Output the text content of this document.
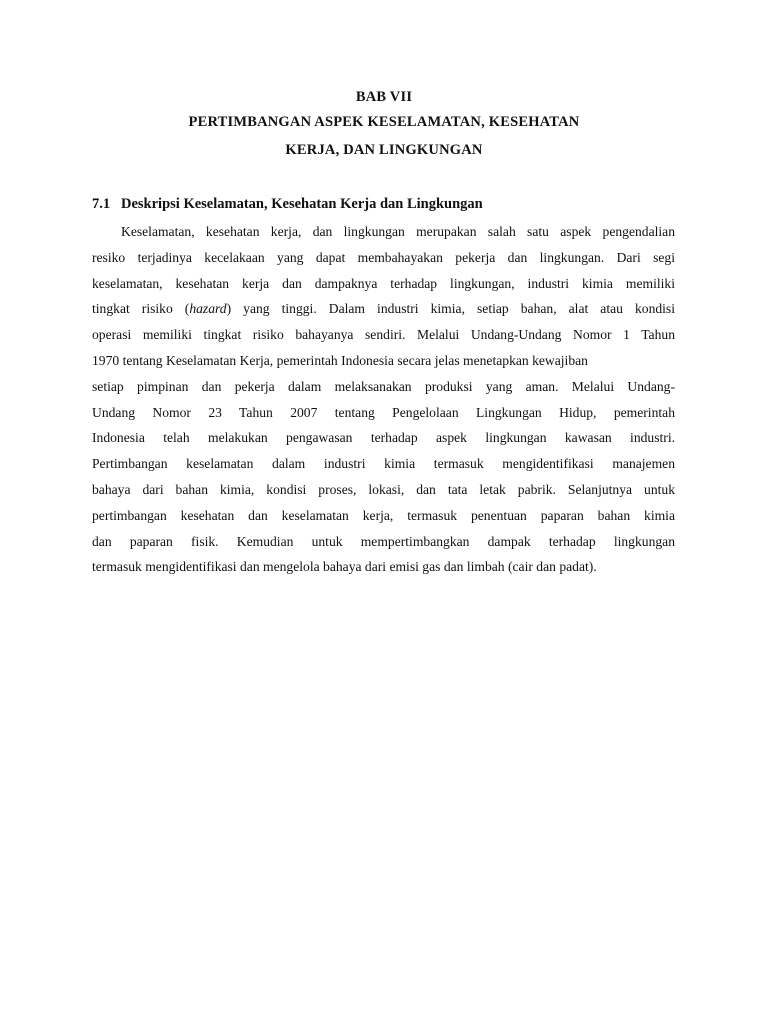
BAB VII
PERTIMBANGAN ASPEK KESELAMATAN, KESEHATAN
KERJA, DAN LINGKUNGAN
7.1 Deskripsi Keselamatan, Kesehatan Kerja dan Lingkungan
Keselamatan, kesehatan kerja, dan lingkungan merupakan salah satu aspek pengendalian
resiko terjadinya kecelakaan yang dapat membahayakan pekerja dan lingkungan. Dari segi
keselamatan, kesehatan kerja dan dampaknya terhadap lingkungan, industri kimia memiliki
tingkat risiko (hazard) yang tinggi. Dalam industri kimia, setiap bahan, alat atau kondisi
operasi memiliki tingkat risiko bahayanya sendiri. Melalui Undang-Undang Nomor 1 Tahun
1970 tentang Keselamatan Kerja, pemerintah Indonesia secara jelas menetapkan kewajiban
setiap pimpinan dan pekerja dalam melaksanakan produksi yang aman. Melalui Undang-
Undang Nomor 23 Tahun 2007 tentang Pengelolaan Lingkungan Hidup, pemerintah
Indonesia telah melakukan pengawasan terhadap aspek lingkungan kawasan industri.
Pertimbangan keselamatan dalam industri kimia termasuk mengidentifikasi manajemen
bahaya dari bahan kimia, kondisi proses, lokasi, dan tata letak pabrik. Selanjutnya untuk
pertimbangan kesehatan dan keselamatan kerja, termasuk penentuan paparan bahan kimia
dan paparan fisik. Kemudian untuk mempertimbangkan dampak terhadap lingkungan
termasuk mengidentifikasi dan mengelola bahaya dari emisi gas dan limbah (cair dan padat).
